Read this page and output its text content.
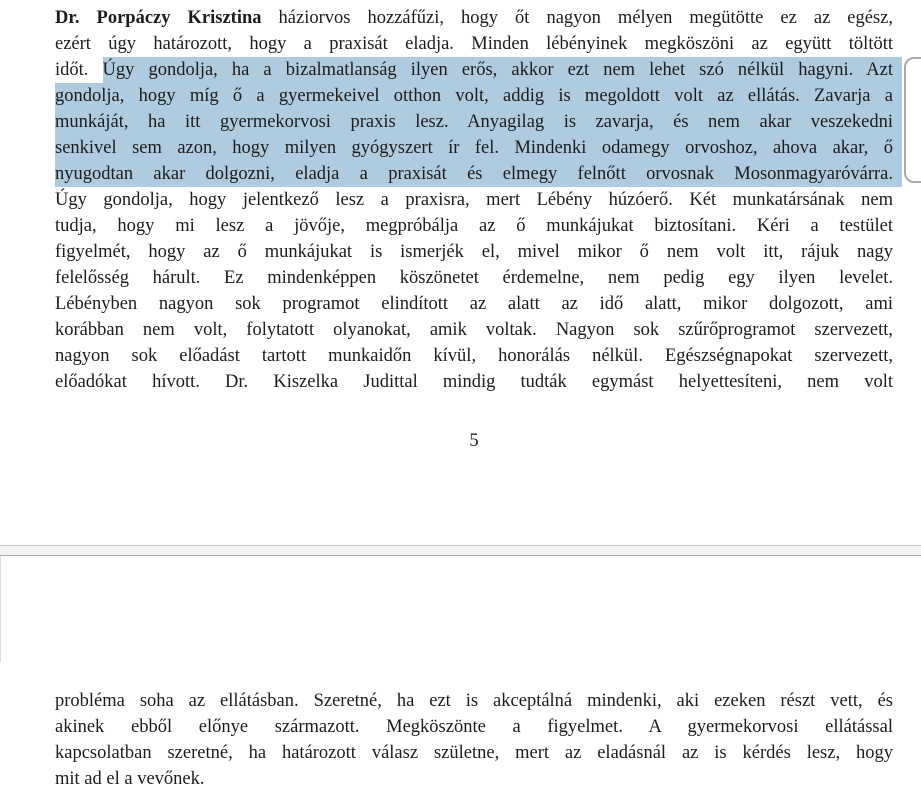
Dr. Porpáczy Krisztina háziorvos hozzáfűzi, hogy őt nagyon mélyen megütötte ez az egész,
ezért úgy határozott, hogy a praxisát eladja. Minden lébényinek megköszöni az együtt töltött
időt. Úgy gondolja, ha a bizalmatlanság ilyen erős, akkor ezt nem lehet szó nélkül hagyni. Azt
gondolja, hogy míg ő a gyermekeivel otthon volt, addig is megoldott volt az ellátás. Zavarja a
munkáját, ha itt gyermekorvosi praxis lesz. Anyagilag is zavarja, és nem akar veszekedni
senkivel sem azon, hogy milyen gyógyszert ír fel. Mindenki odamegy orvoshoz, ahova akar, ő
nyugodtan akar dolgozni, eladja a praxisát és elmegy felnőtt orvosnak Mosonmagyaróvárra.
Úgy gondolja, hogy jelentkező lesz a praxisra, mert Lébény húzóerő. Két munkatársának nem
tudja, hogy mi lesz a jövője, megpróbálja az ő munkájukat biztosítani. Kéri a testület
figyelmét, hogy az ő munkájukat is ismerjék el, mivel mikor ő nem volt itt, rájuk nagy
felelősség hárult. Ez mindenképpen köszönetet érdemelne, nem pedig egy ilyen levelet.
Lébényben nagyon sok programot elindított az alatt az idő alatt, mikor dolgozott, ami
korábban nem volt, folytatott olyanokat, amik voltak. Nagyon sok szűrőprogramot szervezett,
nagyon sok előadást tartott munkaidőn kívül, honorálás nélkül. Egészségnapokat szervezett,
előadókat hívott. Dr. Kiszelka Judittal mindig tudták egymást helyettesíteni, nem volt
5
probléma soha az ellátásban. Szeretné, ha ezt is akceptálná mindenki, aki ezeken részt vett, és
akinek ebből előnye származott. Megköszönte a figyelmet. A gyermekorvosi ellátással
kapcsolatban szeretné, ha határozott válasz születne, mert az eladásnál az is kérdés lesz, hogy
mit ad el a vevőnek.
